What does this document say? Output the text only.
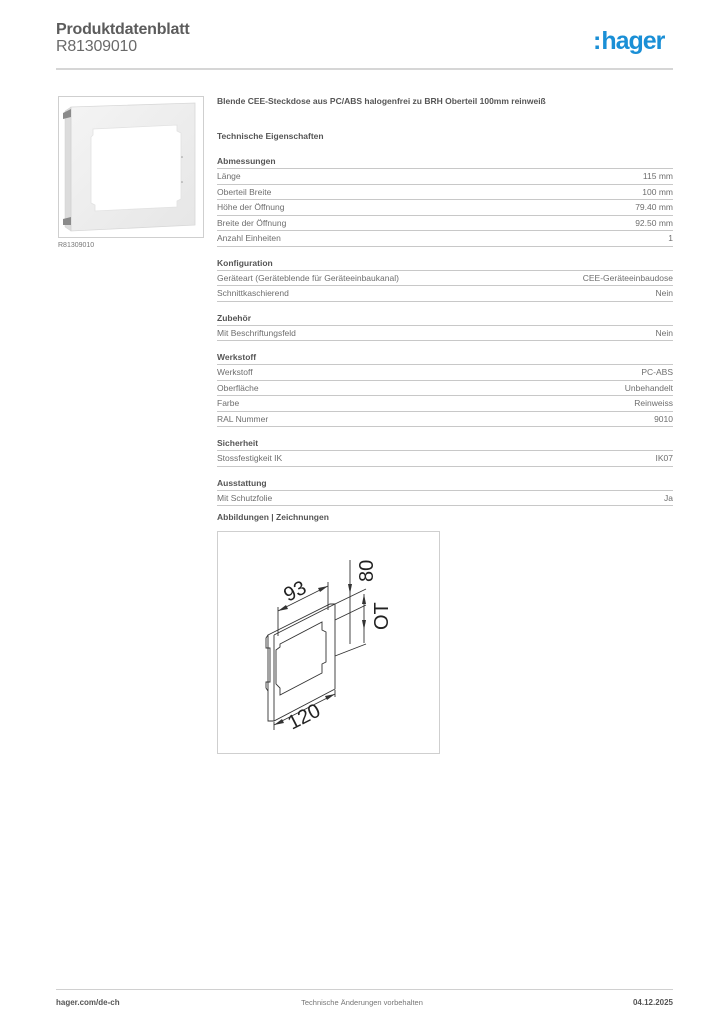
Produktdatenblatt
R81309010	:hager
R81309010
Blende CEE-Steckdose aus PC/ABS halogenfrei zu BRH Oberteil 100mm reinweiß
Technische Eigenschaften
Abmessungen
Länge	115 mm
Oberteil Breite	100 mm
Höhe der Öffnung	79.40 mm
Breite der Öffnung	92.50 mm
Anzahl Einheiten	1
Konfiguration
Geräteart (Geräteblende für Geräteeinbaukanal)	CEE-Geräteeinbaudose
Schnittkaschierend	Nein
Zubehör
Mit Beschriftungsfeld	Nein
Werkstoff
Werkstoff	PC-ABS
Oberfläche	Unbehandelt
Farbe	Reinweiss
RAL Nummer	9010
Sicherheit
Stossfestigkeit IK	IK07
Ausstattung
Mit Schutzfolie	Ja
Abbildungen | Zeichnungen
93
80
OT
120
hager.com/de-ch	Technische Änderungen vorbehalten	04.12.2025
